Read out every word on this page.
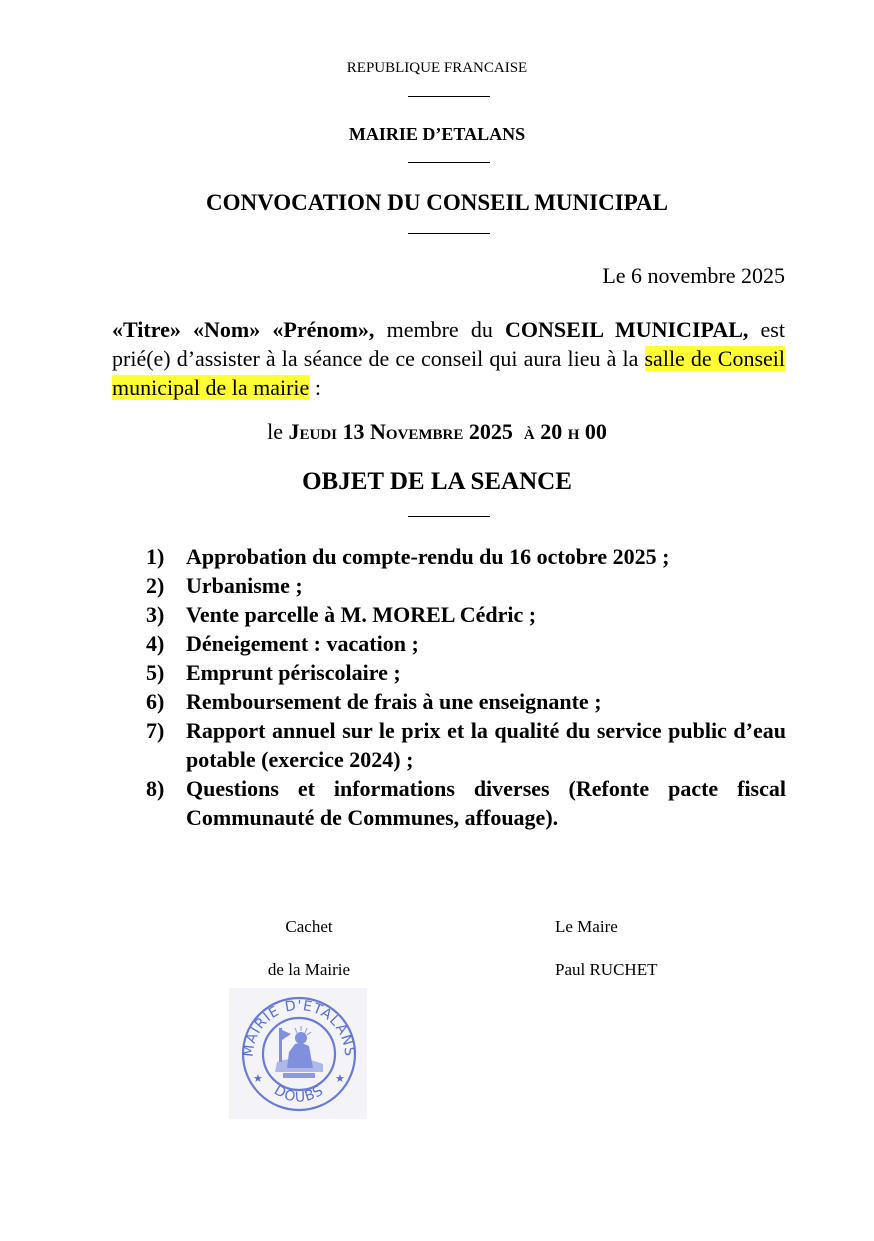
REPUBLIQUE FRANCAISE
MAIRIE D’ETALANS
CONVOCATION DU CONSEIL MUNICIPAL
Le 6 novembre 2025
«Titre» «Nom» «Prénom», membre du CONSEIL MUNICIPAL, est prié(e) d’assister à la séance de ce conseil qui aura lieu à la salle de Conseil municipal de la mairie :
le Jeudi 13 Novembre 2025 à 20 h 00
OBJET DE LA SEANCE
1) Approbation du compte-rendu du 16 octobre 2025 ;
2) Urbanisme ;
3) Vente parcelle à M. MOREL Cédric ;
4) Déneigement : vacation ;
5) Emprunt périscolaire ;
6) Remboursement de frais à une enseignante ;
7) Rapport annuel sur le prix et la qualité du service public d’eau potable (exercice 2024) ;
8) Questions et informations diverses (Refonte pacte fiscal Communauté de Communes, affouage).
Cachet
de la Mairie
Le Maire
Paul RUCHET
MAIRIE D'ETALANS
DOUBS
★	★
